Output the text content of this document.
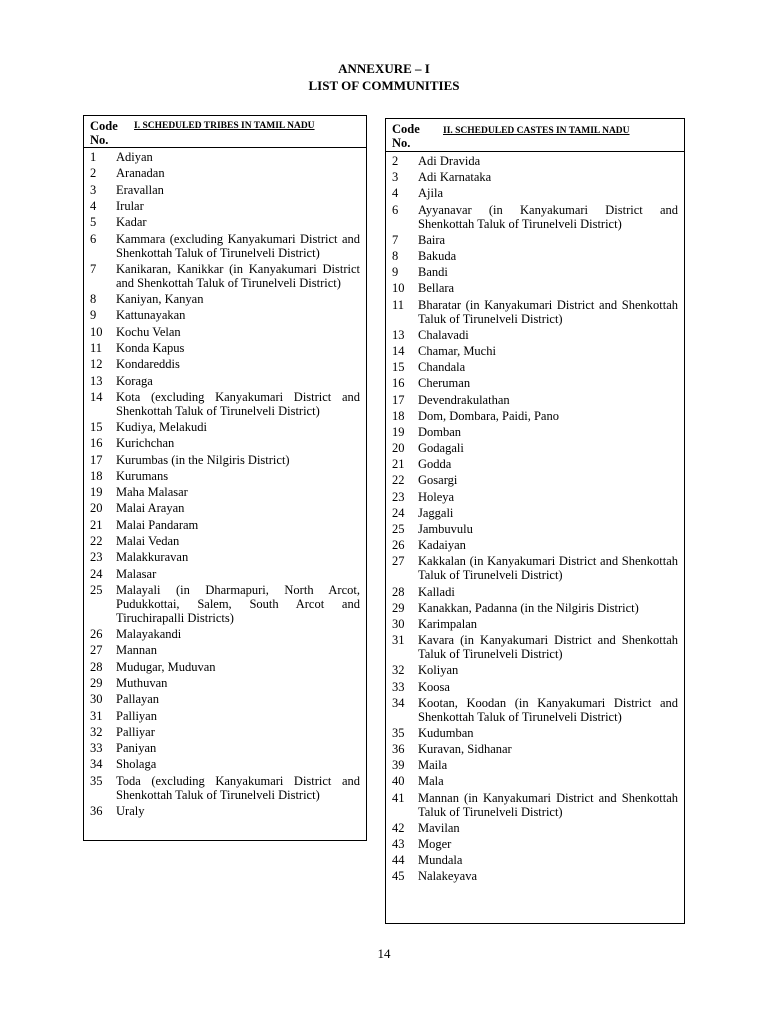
ANNEXURE – I
LIST OF COMMUNITIES
Code
No.
I. SCHEDULED TRIBES IN TAMIL NADU
1	Adiyan
2	Aranadan
3	Eravallan
4	Irular
5	Kadar
6	Kammara (excluding Kanyakumari District and Shenkottah Taluk of Tirunelveli District)
7	Kanikaran, Kanikkar (in Kanyakumari District and Shenkottah Taluk of Tirunelveli District)
8	Kaniyan, Kanyan
9	Kattunayakan
10	Kochu Velan
11	Konda Kapus
12	Kondareddis
13	Koraga
14	Kota (excluding Kanyakumari District and Shenkottah Taluk of Tirunelveli District)
15	Kudiya, Melakudi
16	Kurichchan
17	Kurumbas (in the Nilgiris District)
18	Kurumans
19	Maha Malasar
20	Malai Arayan
21	Malai Pandaram
22	Malai Vedan
23	Malakkuravan
24	Malasar
25	Malayali (in Dharmapuri, North Arcot, Pudukkottai, Salem, South Arcot and Tiruchirapalli Districts)
26	Malayakandi
27	Mannan
28	Mudugar, Muduvan
29	Muthuvan
30	Pallayan
31	Palliyan
32	Palliyar
33	Paniyan
34	Sholaga
35	Toda (excluding Kanyakumari District and Shenkottah Taluk of Tirunelveli District)
36	Uraly
Code
No.
II. SCHEDULED CASTES IN TAMIL NADU
2	Adi Dravida
3	Adi Karnataka
4	Ajila
6	Ayyanavar (in Kanyakumari District and Shenkottah Taluk of Tirunelveli District)
7	Baira
8	Bakuda
9	Bandi
10	Bellara
11	Bharatar (in Kanyakumari District and Shenkottah Taluk of Tirunelveli District)
13	Chalavadi
14	Chamar, Muchi
15	Chandala
16	Cheruman
17	Devendrakulathan
18	Dom, Dombara, Paidi, Pano
19	Domban
20	Godagali
21	Godda
22	Gosargi
23	Holeya
24	Jaggali
25	Jambuvulu
26	Kadaiyan
27	Kakkalan (in Kanyakumari District and Shenkottah Taluk of Tirunelveli District)
28	Kalladi
29	Kanakkan, Padanna (in the Nilgiris District)
30	Karimpalan
31	Kavara (in Kanyakumari District and Shenkottah Taluk of Tirunelveli District)
32	Koliyan
33	Koosa
34	Kootan, Koodan (in Kanyakumari District and Shenkottah Taluk of Tirunelveli District)
35	Kudumban
36	Kuravan, Sidhanar
39	Maila
40	Mala
41	Mannan (in Kanyakumari District and Shenkottah Taluk of Tirunelveli District)
42	Mavilan
43	Moger
44	Mundala
45	Nalakeyava
14
